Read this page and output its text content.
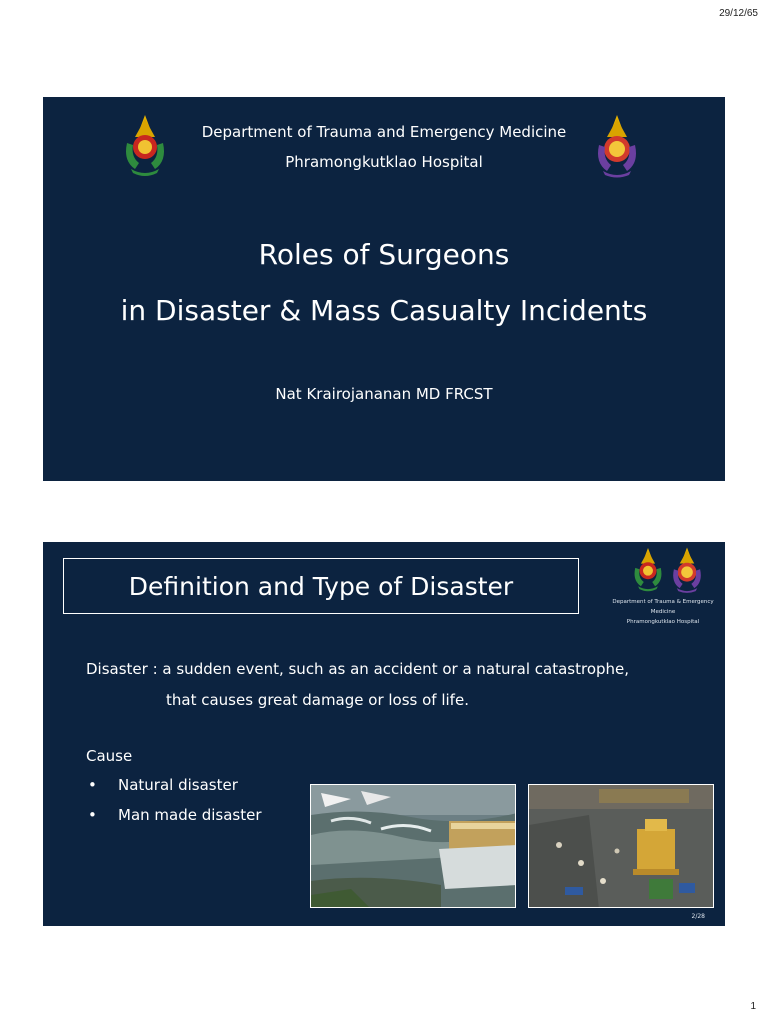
29/12/65
Department of Trauma and Emergency Medicine
Phramongkutklao Hospital
Roles of Surgeons
in Disaster & Mass Casualty Incidents
Nat Krairojananan MD FRCST
Definition and Type of Disaster
Department of Trauma & Emergency Medicine
Phramongkutklao Hospital
Disaster : a sudden event, such as an accident or a natural catastrophe,
that causes great damage or loss of life.
Cause
• Natural disaster
• Man made disaster
2/28
1
